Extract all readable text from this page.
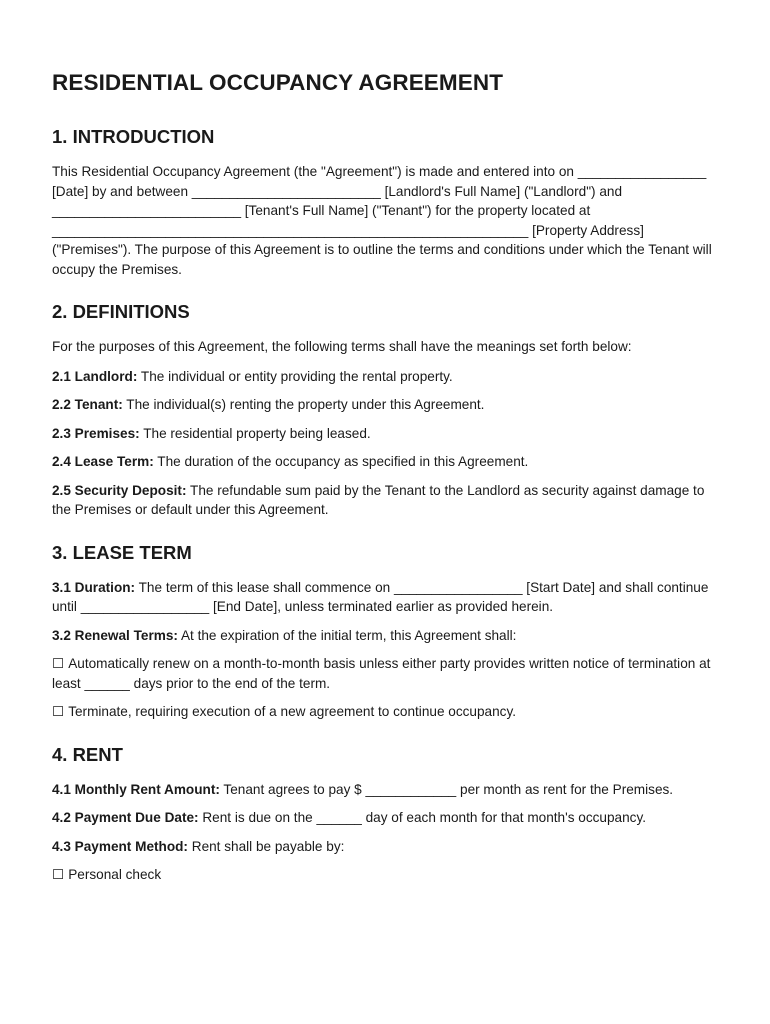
RESIDENTIAL OCCUPANCY AGREEMENT
1. INTRODUCTION

This Residential Occupancy Agreement (the "Agreement") is made and entered into on _________________ [Date] by and between _________________________ [Landlord's Full Name] ("Landlord") and _________________________ [Tenant's Full Name] ("Tenant") for the property located at _______________________________________________________________ [Property Address] ("Premises"). The purpose of this Agreement is to outline the terms and conditions under which the Tenant will occupy the Premises.

2. DEFINITIONS

For the purposes of this Agreement, the following terms shall have the meanings set forth below:

2.1 Landlord: The individual or entity providing the rental property.

2.2 Tenant: The individual(s) renting the property under this Agreement.

2.3 Premises: The residential property being leased.

2.4 Lease Term: The duration of the occupancy as specified in this Agreement.

2.5 Security Deposit: The refundable sum paid by the Tenant to the Landlord as security against damage to the Premises or default under this Agreement.

3. LEASE TERM

3.1 Duration: The term of this lease shall commence on _________________ [Start Date] and shall continue until _________________ [End Date], unless terminated earlier as provided herein.

3.2 Renewal Terms: At the expiration of the initial term, this Agreement shall:

☐ Automatically renew on a month-to-month basis unless either party provides written notice of termination at least ______ days prior to the end of the term.

☐ Terminate, requiring execution of a new agreement to continue occupancy.

4. RENT

4.1 Monthly Rent Amount: Tenant agrees to pay $ ____________ per month as rent for the Premises.

4.2 Payment Due Date: Rent is due on the ______ day of each month for that month's occupancy.

4.3 Payment Method: Rent shall be payable by:

☐ Personal check
